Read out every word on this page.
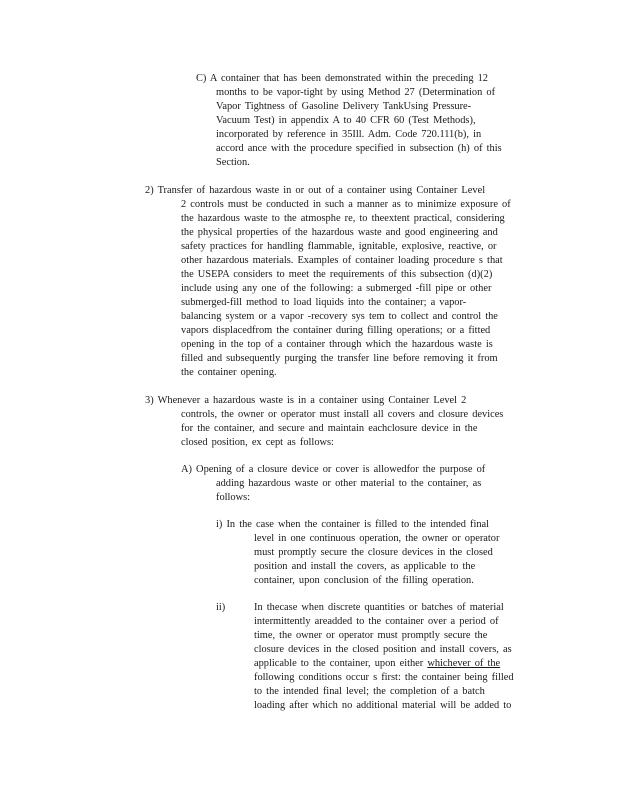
C) A container that has been demonstrated within the preceding 12
months to be vapor-tight by using Method 27 (Determination of
Vapor Tightness of Gasoline Delivery TankUsing Pressure-
Vacuum Test) in appendix A to 40 CFR 60 (Test Methods),
incorporated by reference in 35Ill. Adm. Code 720.111(b), in
accord ance with the procedure specified in subsection (h) of this
Section.
2) Transfer of hazardous waste in or out of a container using Container Level
2 controls must be conducted in such a manner as to minimize exposure of
the hazardous waste to the atmosphe re, to theextent practical, considering
the physical properties of the hazardous waste and good engineering and
safety practices for handling flammable, ignitable, explosive, reactive, or
other hazardous materials. Examples of container loading procedure s that
the USEPA considers to meet the requirements of this subsection (d)(2)
include using any one of the following: a submerged -fill pipe or other
submerged-fill method to load liquids into the container; a vapor-
balancing system or a vapor -recovery sys tem to collect and control the
vapors displacedfrom the container during filling operations; or a fitted
opening in the top of a container through which the hazardous waste is
filled and subsequently purging the transfer line before removing it from
the container opening.
3) Whenever a hazardous waste is in a container using Container Level 2
controls, the owner or operator must install all covers and closure devices
for the container, and secure and maintain eachclosure device in the
closed position, ex cept as follows:
A) Opening of a closure device or cover is allowedfor the purpose of
adding hazardous waste or other material to the container, as
follows:
i) In the case when the container is filled to the intended final
level in one continuous operation, the owner or operator
must promptly secure the closure devices in the closed
position and install the covers, as applicable to the
container, upon conclusion of the filling operation.
ii)	In thecase when discrete quantities or batches of material
intermittently areadded to the container over a period of
time, the owner or operator must promptly secure the
closure devices in the closed position and install covers, as
applicable to the container, upon either whichever of the
following conditions occur s first: the container being filled
to the intended final level; the completion of a batch
loading after which no additional material will be added to
